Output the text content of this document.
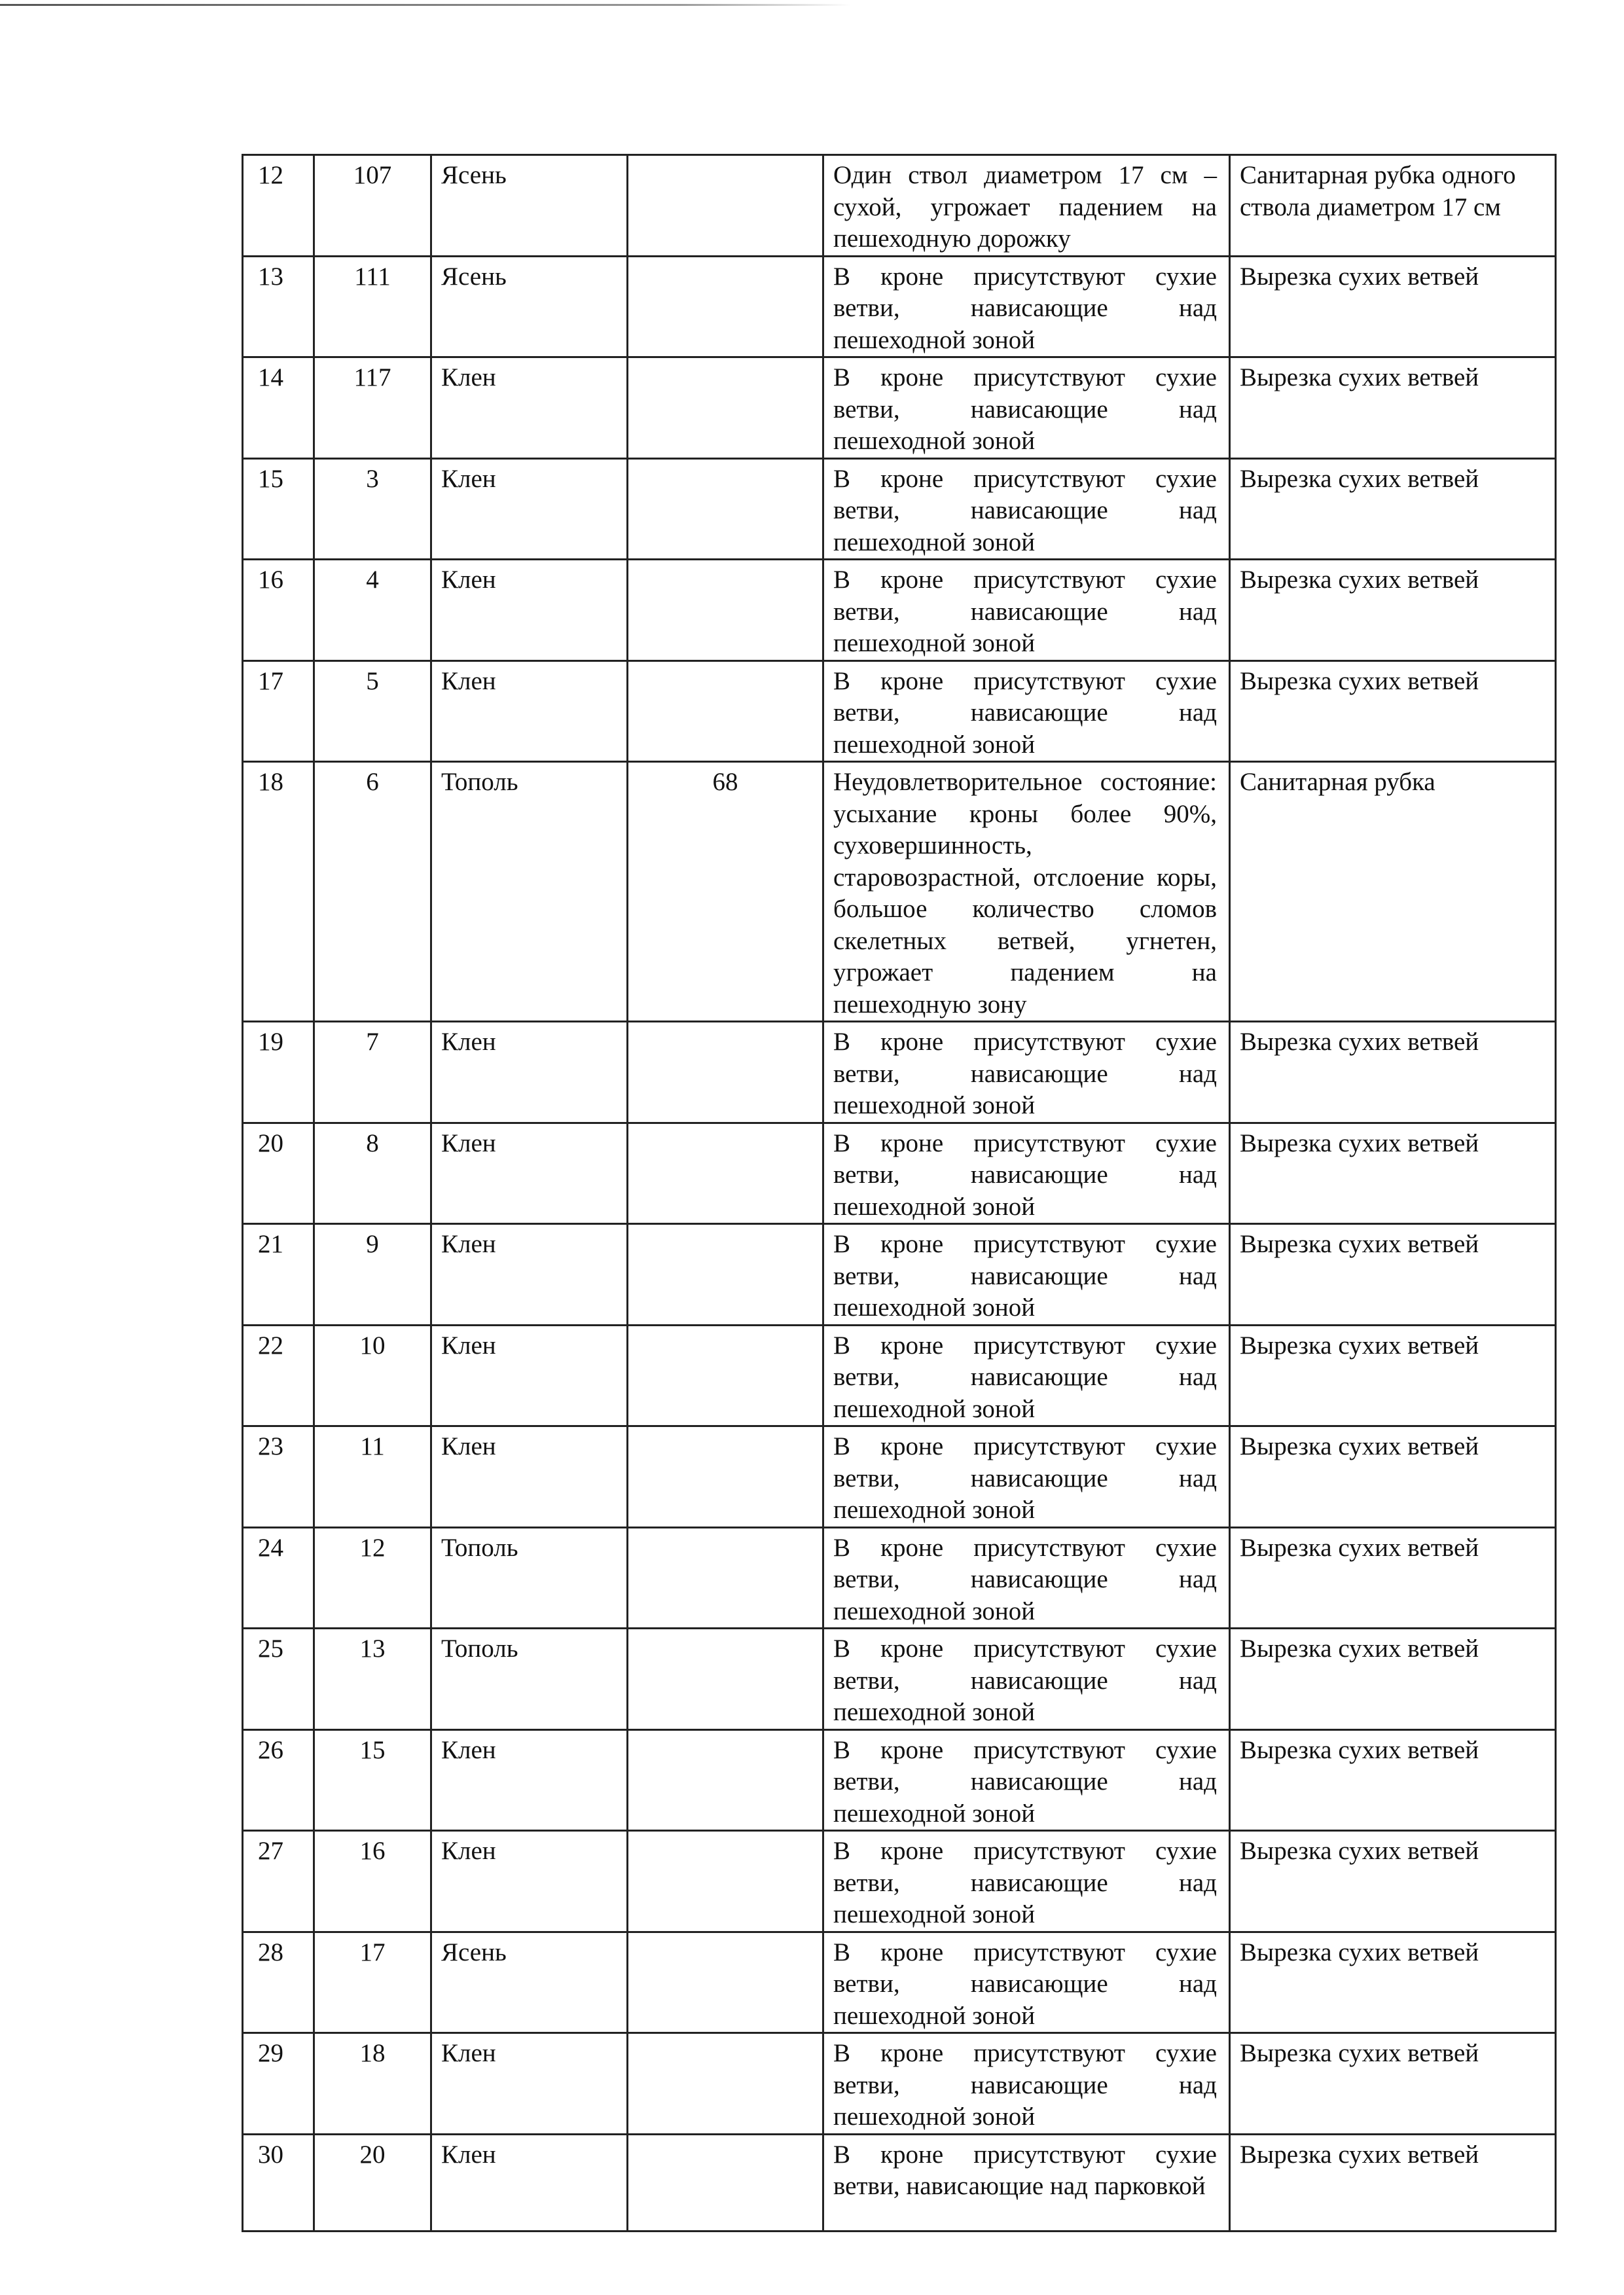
12	107	Ясень		Один ствол диаметром 17 см – сухой, угрожает падением на пешеходную дорожку	Санитарная рубка одного ствола диаметром 17 см
13	111	Ясень		В кроне присутствуют сухие ветви, нависающие над пешеходной зоной	Вырезка сухих ветвей
14	117	Клен		В кроне присутствуют сухие ветви, нависающие над пешеходной зоной	Вырезка сухих ветвей
15	3	Клен		В кроне присутствуют сухие ветви, нависающие над пешеходной зоной	Вырезка сухих ветвей
16	4	Клен		В кроне присутствуют сухие ветви, нависающие над пешеходной зоной	Вырезка сухих ветвей
17	5	Клен		В кроне присутствуют сухие ветви, нависающие над пешеходной зоной	Вырезка сухих ветвей
18	6	Тополь	68	Неудовлетворительное состояние: усыхание кроны более 90%, суховершинность, старовозрастной, отслоение коры, большое количество сломов скелетных ветвей, угнетен, угрожает падением на пешеходную зону	Санитарная рубка
19	7	Клен		В кроне присутствуют сухие ветви, нависающие над пешеходной зоной	Вырезка сухих ветвей
20	8	Клен		В кроне присутствуют сухие ветви, нависающие над пешеходной зоной	Вырезка сухих ветвей
21	9	Клен		В кроне присутствуют сухие ветви, нависающие над пешеходной зоной	Вырезка сухих ветвей
22	10	Клен		В кроне присутствуют сухие ветви, нависающие над пешеходной зоной	Вырезка сухих ветвей
23	11	Клен		В кроне присутствуют сухие ветви, нависающие над пешеходной зоной	Вырезка сухих ветвей
24	12	Тополь		В кроне присутствуют сухие ветви, нависающие над пешеходной зоной	Вырезка сухих ветвей
25	13	Тополь		В кроне присутствуют сухие ветви, нависающие над пешеходной зоной	Вырезка сухих ветвей
26	15	Клен		В кроне присутствуют сухие ветви, нависающие над пешеходной зоной	Вырезка сухих ветвей
27	16	Клен		В кроне присутствуют сухие ветви, нависающие над пешеходной зоной	Вырезка сухих ветвей
28	17	Ясень		В кроне присутствуют сухие ветви, нависающие над пешеходной зоной	Вырезка сухих ветвей
29	18	Клен		В кроне присутствуют сухие ветви, нависающие над пешеходной зоной	Вырезка сухих ветвей
30	20	Клен		В кроне присутствуют сухие ветви, нависающие над парковкой	Вырезка сухих ветвей
